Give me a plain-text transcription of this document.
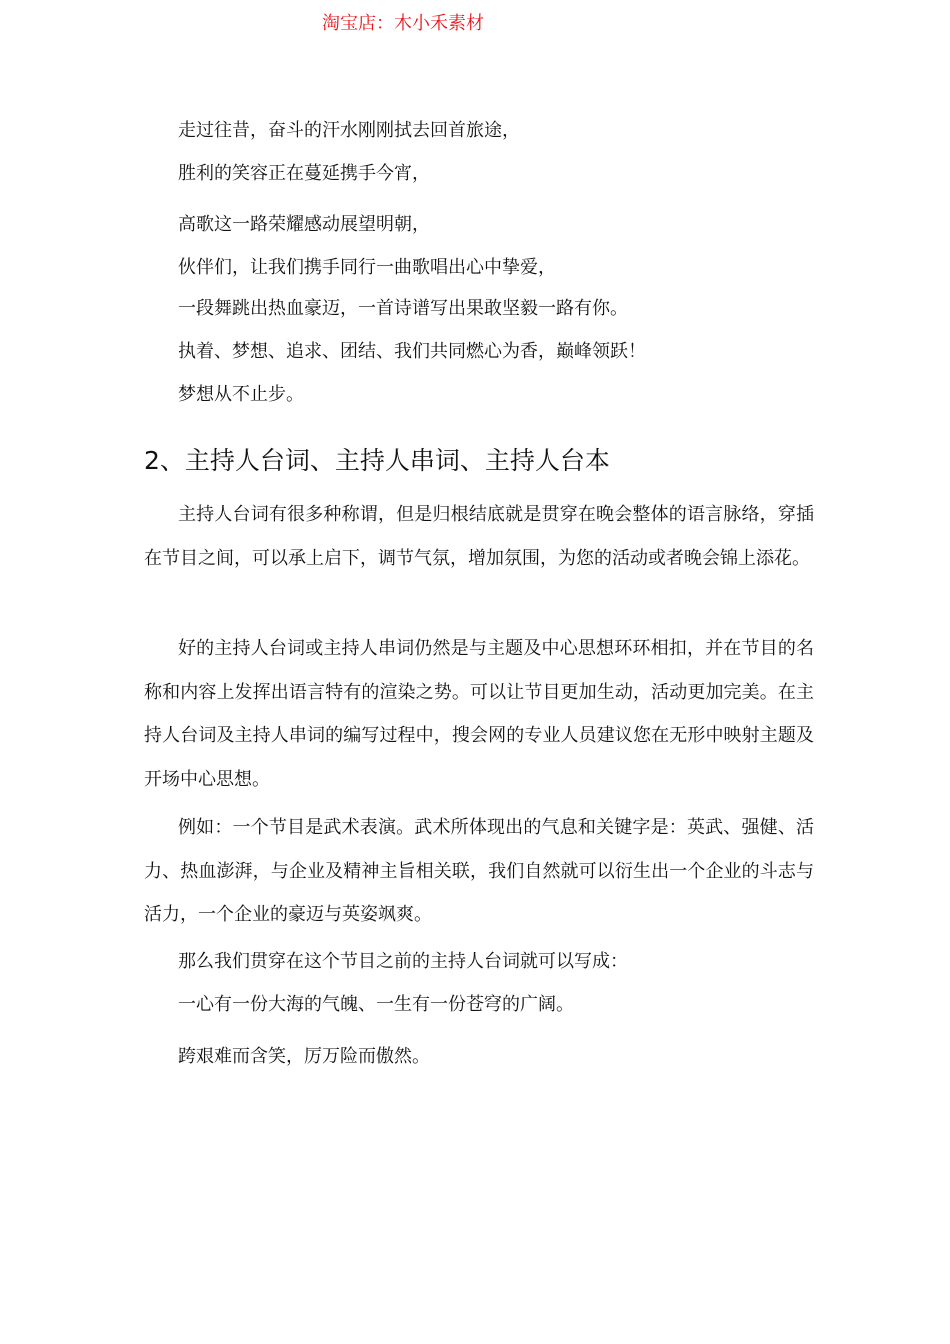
淘宝店：木小禾素材
走过往昔，奋斗的汗水刚刚拭去回首旅途，
胜利的笑容正在蔓延携手今宵，
高歌这一路荣耀感动展望明朝，
伙伴们，让我们携手同行一曲歌唱出心中挚爱，
一段舞跳出热血豪迈，一首诗谱写出果敢坚毅一路有你。
执着、梦想、追求、团结、我们共同燃心为香，巅峰领跃！
梦想从不止步。
2、主持人台词、主持人串词、主持人台本

主持人台词有很多种称谓，但是归根结底就是贯穿在晚会整体的语言脉络，穿插在节目之间，可以承上启下，调节气氛，增加氛围，为您的活动或者晚会锦上添花。

好的主持人台词或主持人串词仍然是与主题及中心思想环环相扣，并在节目的名称和内容上发挥出语言特有的渲染之势。可以让节目更加生动，活动更加完美。在主持人台词及主持人串词的编写过程中，搜会网的专业人员建议您在无形中映射主题及开场中心思想。

例如：一个节目是武术表演。武术所体现出的气息和关键字是：英武、强健、活力、热血澎湃，与企业及精神主旨相关联，我们自然就可以衍生出一个企业的斗志与活力，一个企业的豪迈与英姿飒爽。

那么我们贯穿在这个节目之前的主持人台词就可以写成：
一心有一份大海的气魄、一生有一份苍穹的广阔。
跨艰难而含笑，厉万险而傲然。
